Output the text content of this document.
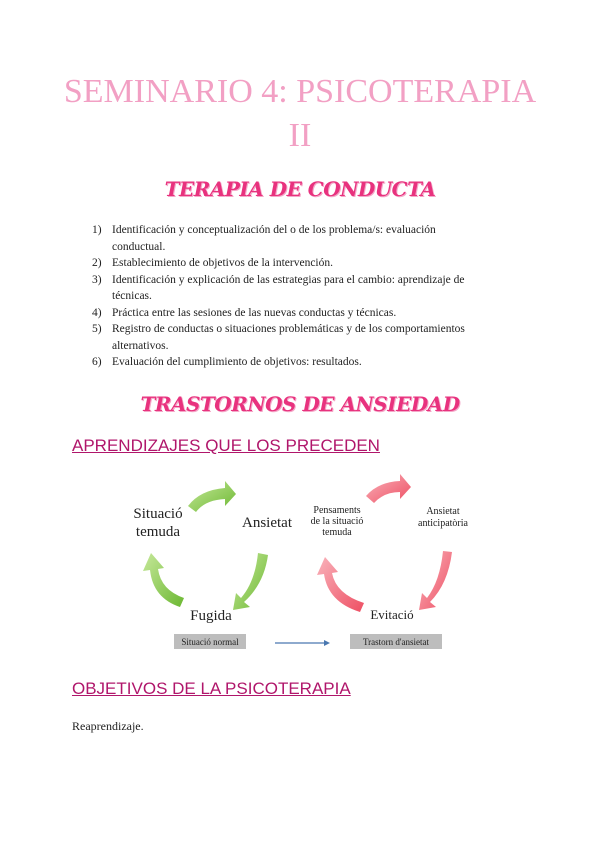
SEMINARIO 4: PSICOTERAPIA
II
TERAPIA DE CONDUCTA
1) Identificación y conceptualización del o de los problema/s: evaluación
conductual.
2) Establecimiento de objetivos de la intervención.
3) Identificación y explicación de las estrategias para el cambio: aprendizaje de
técnicas.
4) Práctica entre las sesiones de las nuevas conductas y técnicas.
5) Registro de conductas o situaciones problemáticas y de los comportamientos
alternativos.
6) Evaluación del cumplimiento de objetivos: resultados.
TRASTORNOS DE ANSIEDAD
APRENDIZAJES QUE LOS PRECEDEN
Situació
temuda
Ansietat
Fugida
Pensaments
de la situació
temuda
Ansietat
anticipatòria
Evitació
Situació normal	Trastorn d'ansietat
OBJETIVOS DE LA PSICOTERAPIA
Reaprendizaje.
